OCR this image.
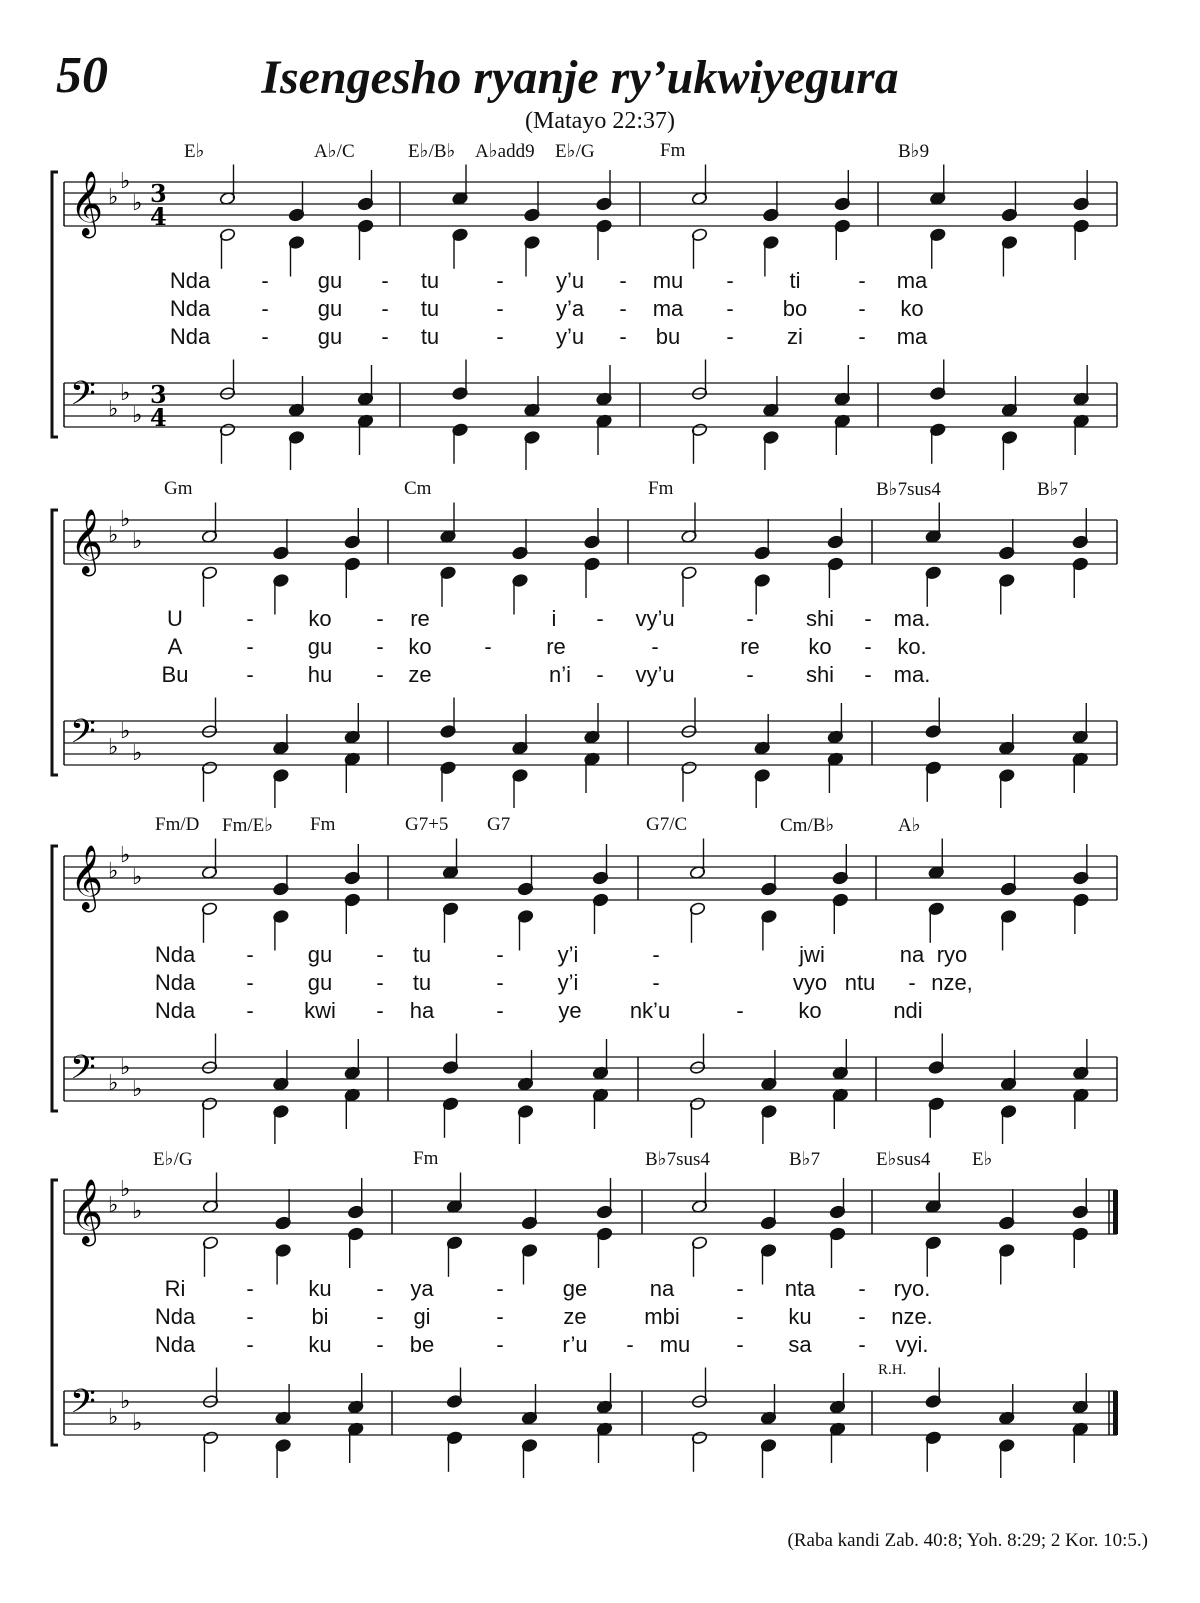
50	Isengesho ryanje ry’ukwiyegura
(Matayo 22:37)
𝄞 ♭
♭
♭ 3
4
𝄢 ♭
♭
♭
3
4
E♭	A♭/C	E♭/B♭ A♭add9 E♭/G	Fm	B♭9
Nda - gu - tu	- y’u - mu -	ti	- ma
Nda - gu - tu	- y’a - ma - bo - ko
Nda - gu - tu	- y’u - bu - zi	- ma
𝄞 ♭
♭
♭
𝄢 ♭
♭
♭
Gm	Cm	Fm	B♭7sus4	B♭7
U	- ko - re	i - vy’u	- shi - ma.
A	- gu - ko - re	-	re ko - ko.
Bu	- hu - ze	n’i - vy’u	- shi - ma.
𝄞 ♭
♭
♭
𝄢 ♭
♭
♭
Fm/D Fm/E♭ Fm	G7+5 G7	G7/C	Cm/B♭	A♭
Nda - gu - tu	- y’i	-	jwi	na ryo
Nda - gu - tu	- y’i	-	vyo ntu - nze,
Nda - kwi - ha	- ye nk’u	- ko	ndi
𝄞 ♭
♭
♭
𝄢 ♭
♭
♭
E♭/G	Fm	B♭7sus4	B♭7	E♭sus4 E♭
Ri	- ku - ya	-	ge	na	- nta - ryo.
Nda -	bi - gi	-	ze	mbi	- ku - nze.
Nda - ku - be	-	r’u - mu - sa - vyi.
R.H.
(Raba kandi Zab. 40:8; Yoh. 8:29; 2 Kor. 10:5.)
